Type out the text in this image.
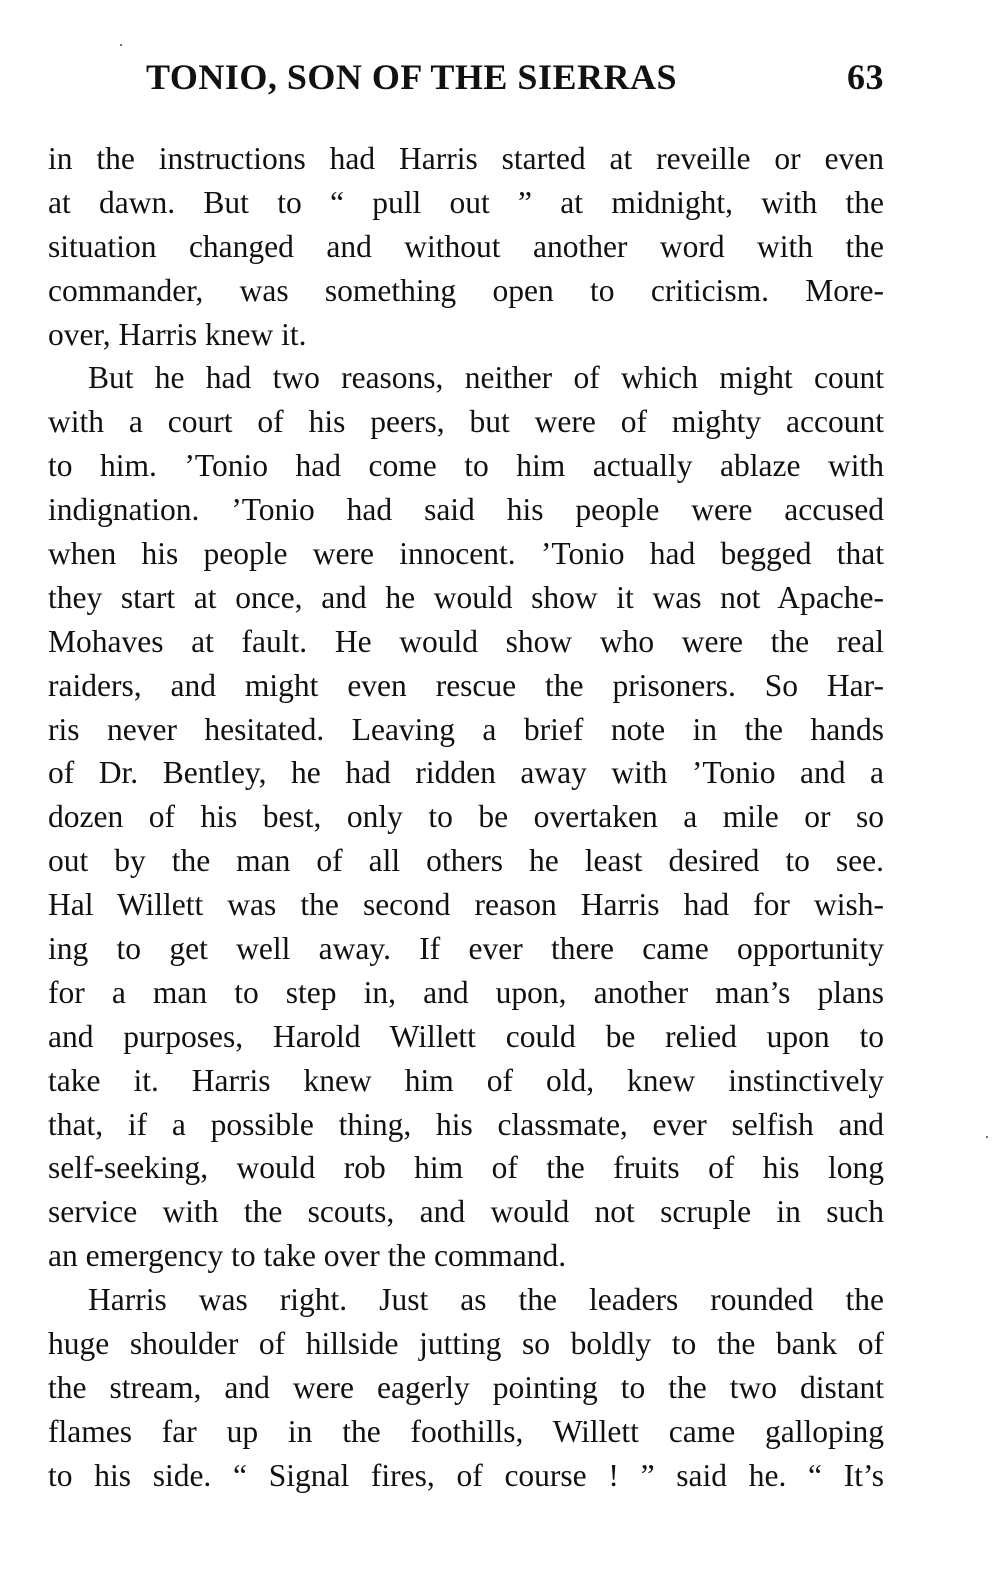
TONIO, SON OF THE SIERRAS	63
in the instructions had Harris started at reveille or even
at dawn. But to “ pull out ” at midnight, with the
situation changed and without another word with the
commander, was something open to criticism. More-
over, Harris knew it.
But he had two reasons, neither of which might count
with a court of his peers, but were of mighty account
to him. ’Tonio had come to him actually ablaze with
indignation. ’Tonio had said his people were accused
when his people were innocent. ’Tonio had begged that
they start at once, and he would show it was not Apache-
Mohaves at fault. He would show who were the real
raiders, and might even rescue the prisoners. So Har-
ris never hesitated. Leaving a brief note in the hands
of Dr. Bentley, he had ridden away with ’Tonio and a
dozen of his best, only to be overtaken a mile or so
out by the man of all others he least desired to see.
Hal Willett was the second reason Harris had for wish-
ing to get well away. If ever there came opportunity
for a man to step in, and upon, another man’s plans
and purposes, Harold Willett could be relied upon to
take it. Harris knew him of old, knew instinctively
that, if a possible thing, his classmate, ever selfish and
self-seeking, would rob him of the fruits of his long
service with the scouts, and would not scruple in such
an emergency to take over the command.
Harris was right. Just as the leaders rounded the
huge shoulder of hillside jutting so boldly to the bank of
the stream, and were eagerly pointing to the two distant
flames far up in the foothills, Willett came galloping
to his side. “ Signal fires, of course ! ” said he. “ It’s
